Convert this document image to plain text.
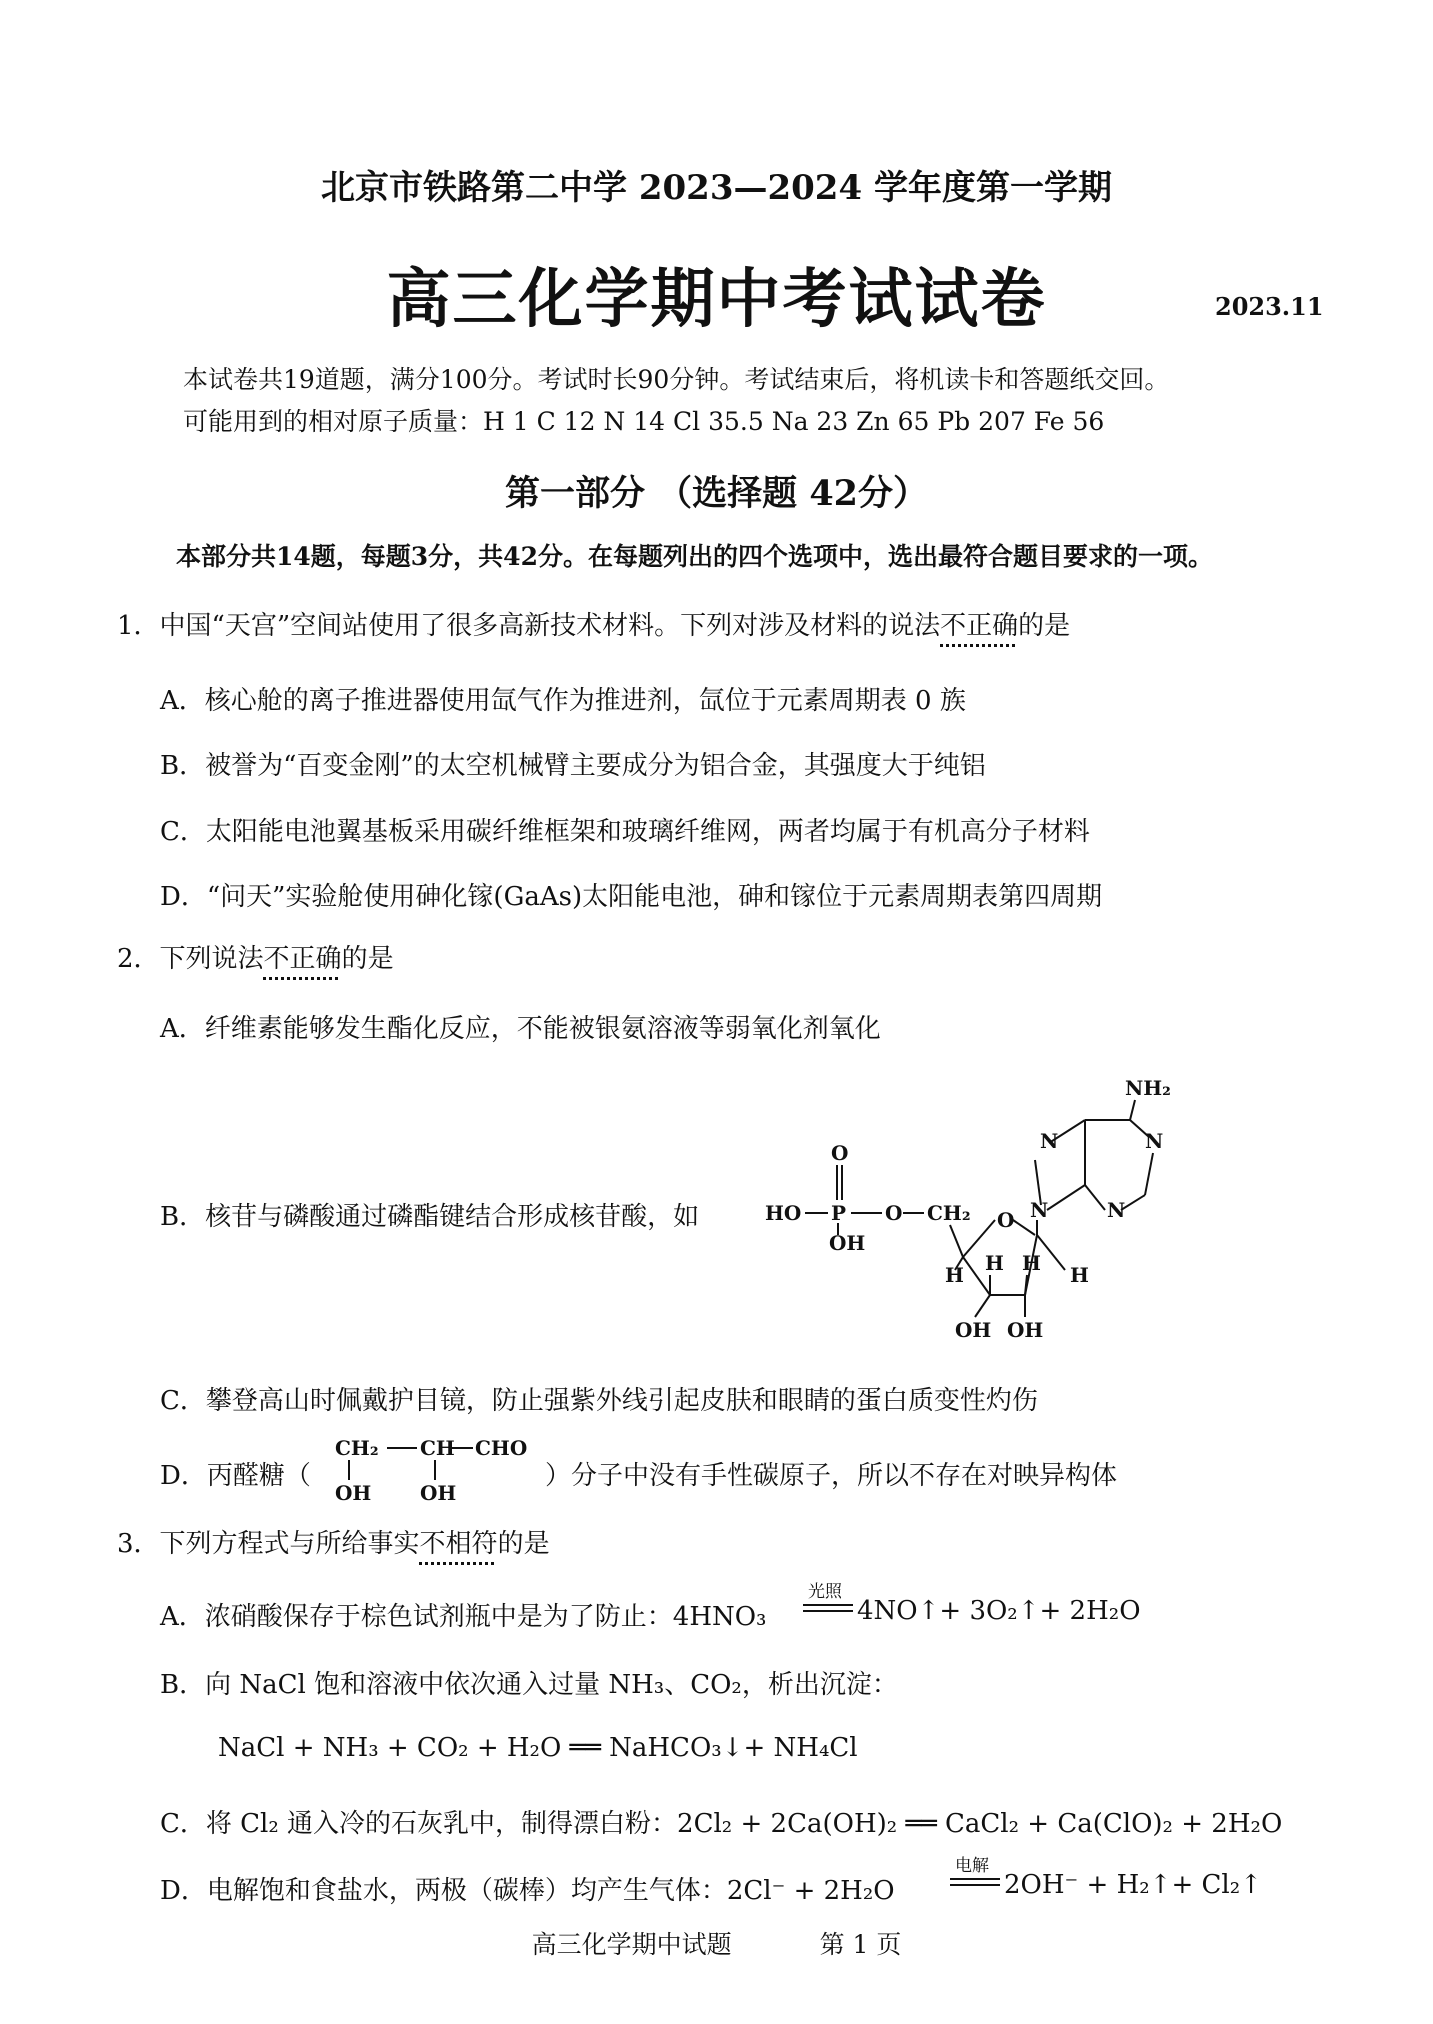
北京市铁路第二中学 2023—2024 学年度第一学期
高三化学期中考试试卷	2023.11
本试卷共19道题，满分100分。考试时长90分钟。考试结束后，将机读卡和答题纸交回。
可能用到的相对原子质量：H 1 C 12 N 14 Cl 35.5 Na 23 Zn 65 Pb 207 Fe 56
第一部分 （选择题 42分）
本部分共14题，每题3分，共42分。在每题列出的四个选项中，选出最符合题目要求的一项。
1．中国“天宫”空间站使用了很多高新技术材料。下列对涉及材料的说法不正确的是
A．核心舱的离子推进器使用氙气作为推进剂，氙位于元素周期表 0 族
B．被誉为“百变金刚”的太空机械臂主要成分为铝合金，其强度大于纯铝
C．太阳能电池翼基板采用碳纤维框架和玻璃纤维网，两者均属于有机高分子材料
D．“问天”实验舱使用砷化镓(GaAs)太阳能电池，砷和镓位于元素周期表第四周期
2．下列说法不正确的是
A．纤维素能够发生酯化反应，不能被银氨溶液等弱氧化剂氧化
B．核苷与磷酸通过磷酯键结合形成核苷酸，如
NH₂
O
HO P O CH₂
OH
O
H H H H
OH OH
N	N
N	N
C．攀登高山时佩戴护目镜，防止强紫外线引起皮肤和眼睛的蛋白质变性灼伤
D．丙醛糖（
CH₂ CH CHO
OH OH
）分子中没有手性碳原子，所以不存在对映异构体
3．下列方程式与所给事实不相符的是
A．浓硝酸保存于棕色试剂瓶中是为了防止：4HNO₃
光照
4NO↑+ 3O₂↑+ 2H₂O
B．向 NaCl 饱和溶液中依次通入过量 NH₃、CO₂，析出沉淀：
NaCl + NH₃ + CO₂ + H₂O ══ NaHCO₃↓+ NH₄Cl
C．将 Cl₂ 通入冷的石灰乳中，制得漂白粉：2Cl₂ + 2Ca(OH)₂ ══ CaCl₂ + Ca(ClO)₂ + 2H₂O
D．电解饱和食盐水，两极（碳棒）均产生气体：2Cl⁻ + 2H₂O
电解
2OH⁻ + H₂↑+ Cl₂↑
高三化学期中试题	第 1 页
